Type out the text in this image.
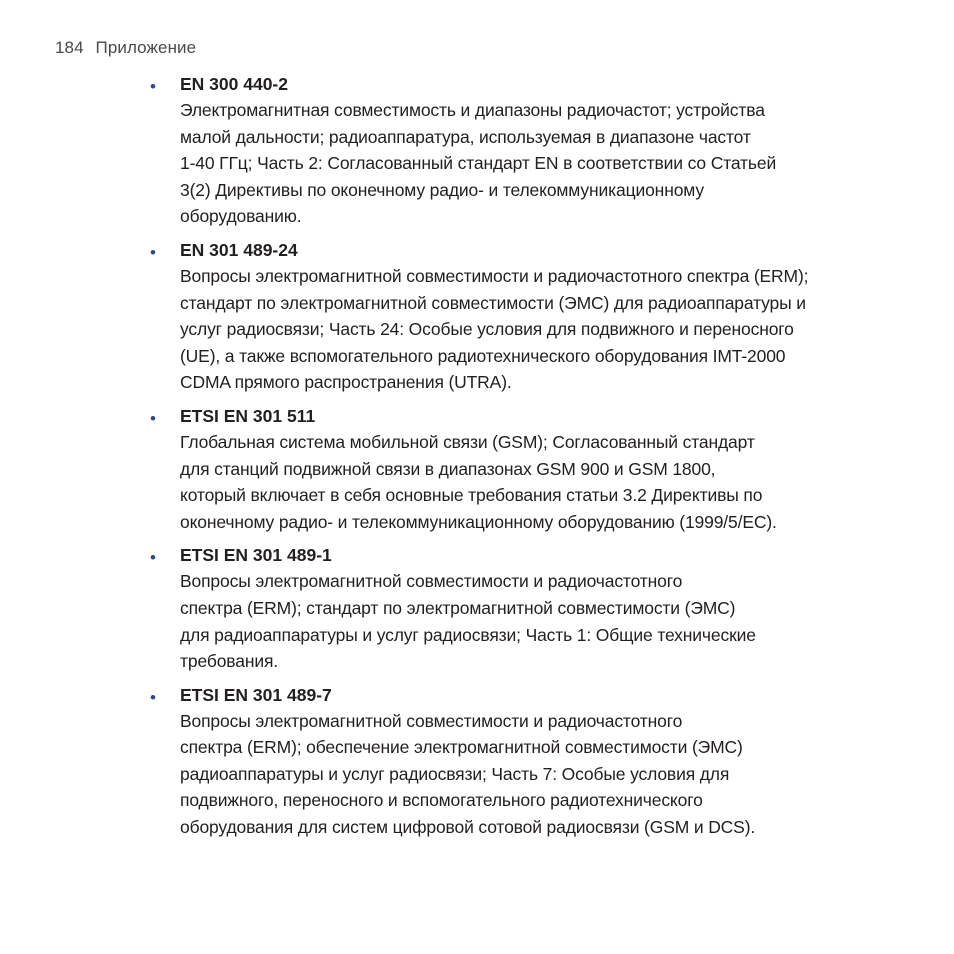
184 Приложение
• EN 300 440-2
Электромагнитная совместимость и диапазоны радиочастот; устройства
малой дальности; радиоаппаратура, используемая в диапазоне частот
1-40 ГГц; Часть 2: Согласованный стандарт EN в соответствии со Статьей
3(2) Директивы по оконечному радио- и телекоммуникационному
оборудованию.
• EN 301 489-24
Вопросы электромагнитной совместимости и радиочастотного спектра (ERM);
стандарт по электромагнитной совместимости (ЭМС) для радиоаппаратуры и
услуг радиосвязи; Часть 24: Особые условия для подвижного и переносного
(UE), а также вспомогательного радиотехнического оборудования IMT-2000
CDMA прямого распространения (UTRA).
• ETSI EN 301 511
Глобальная система мобильной связи (GSM); Согласованный стандарт
для станций подвижной связи в диапазонах GSM 900 и GSM 1800,
который включает в себя основные требования статьи 3.2 Директивы по
оконечному радио- и телекоммуникационному оборудованию (1999/5/EC).
• ETSI EN 301 489-1
Вопросы электромагнитной совместимости и радиочастотного
спектра (ERM); стандарт по электромагнитной совместимости (ЭМС)
для радиоаппаратуры и услуг радиосвязи; Часть 1: Общие технические
требования.
• ETSI EN 301 489-7
Вопросы электромагнитной совместимости и радиочастотного
спектра (ERM); обеспечение электромагнитной совместимости (ЭМС)
радиоаппаратуры и услуг радиосвязи; Часть 7: Особые условия для
подвижного, переносного и вспомогательного радиотехнического
оборудования для систем цифровой сотовой радиосвязи (GSM и DCS).
